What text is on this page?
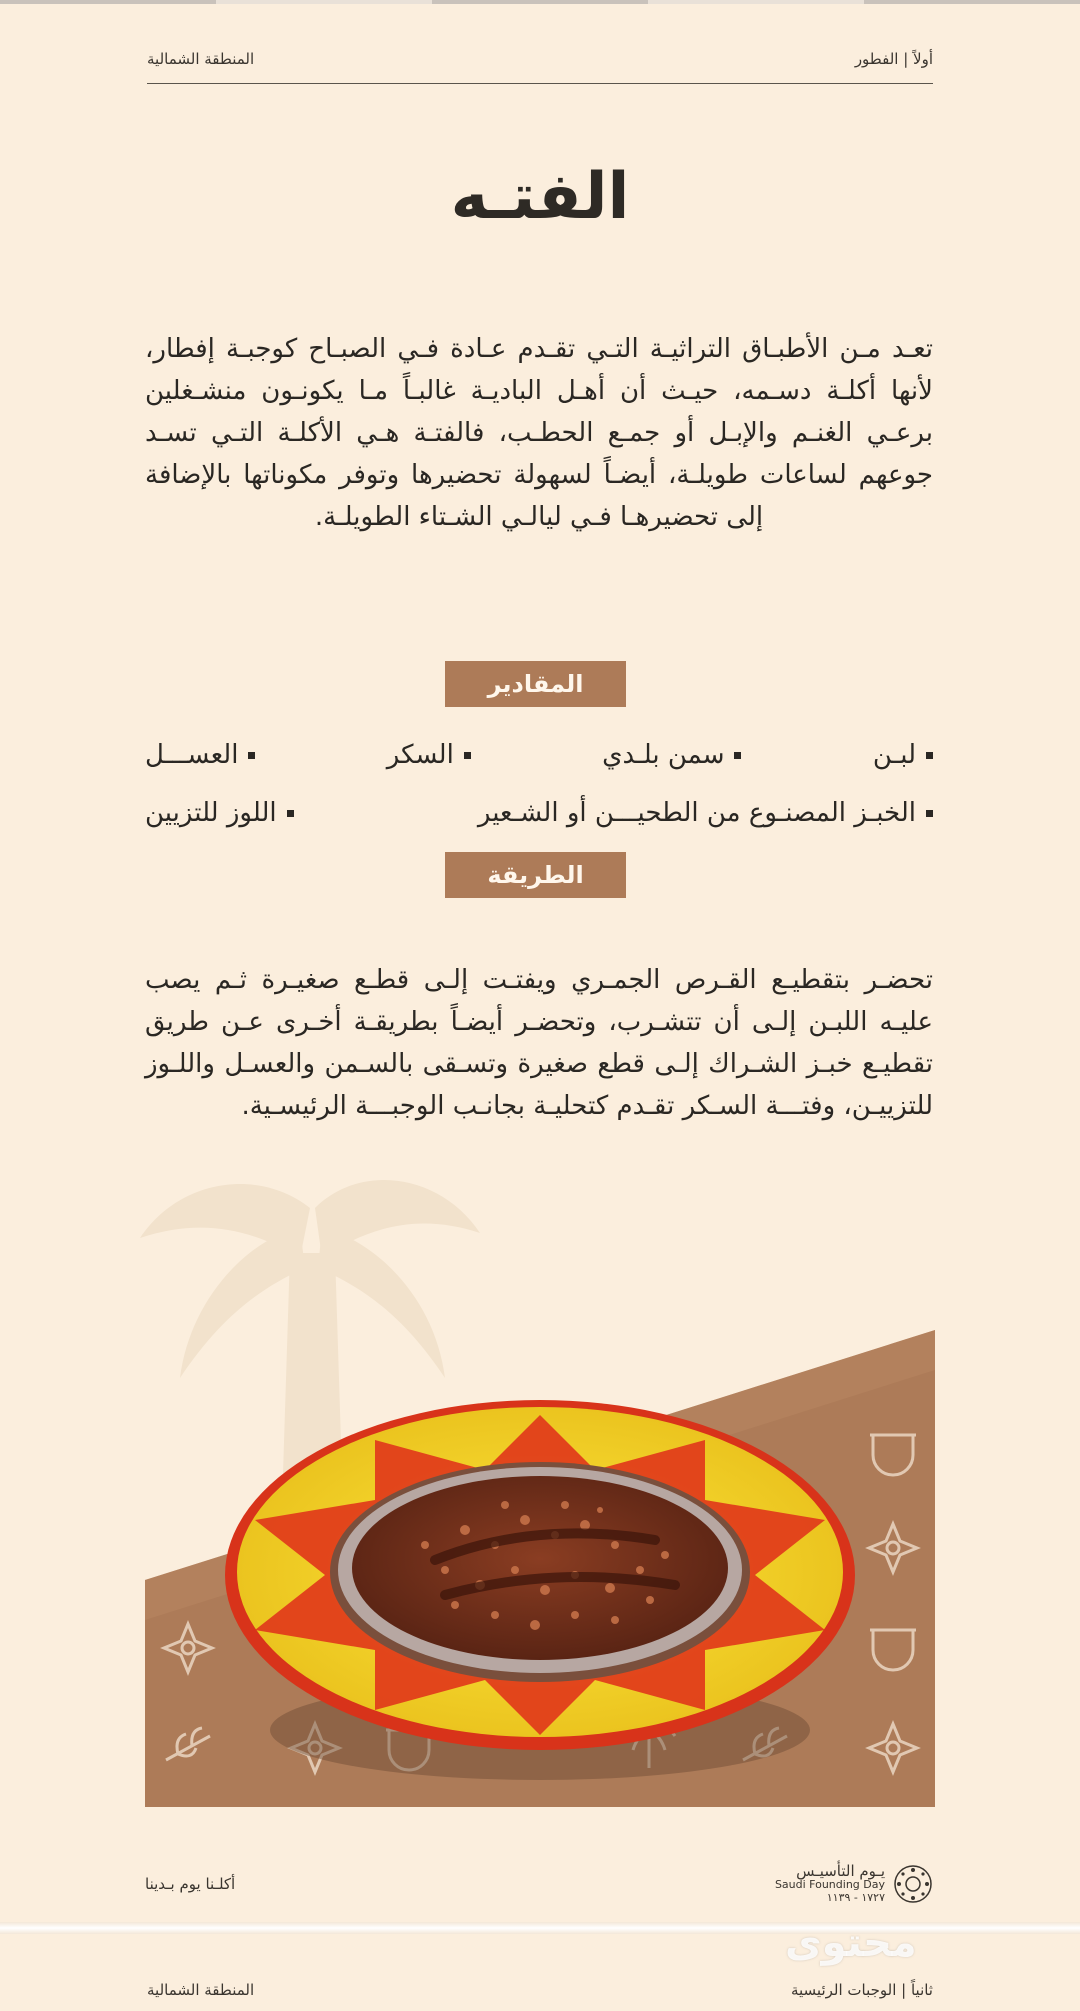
أولاً | الفطور
المنطقة الشمالية
الفتـه

تعـد مـن الأطبـاق التراثيـة التـي تقـدم عـادة فـي الصبـاح كوجبـة إفطار، لأنها أكلـة دسـمه، حيـث أن أهـل الباديـة غالبـاً مـا يكونـون منشـغلين برعـي الغنـم والإبـل أو جمـع الحطـب، فالفتـة هـي الأكلـة التـي تسـد جوعهم لساعات طويلـة، أيضـاً لسهولة تحضيرها وتوفر مكوناتها بالإضافة إلى تحضيرهـا فـي ليالـي الشـتاء الطويلـة.

المقادير
لبـن
سمن بلـدي
السكر
العســـل
الخبـز المصنـوع من الطحيـــن أو الشـعير
اللوز للتزيين
الطريقة

تحضـر بتقطيـع القـرص الجمـري ويفتـت إلـى قطـع صغيـرة ثـم يصب عليـه اللبـن إلـى أن تتشـرب، وتحضـر أيضـاً بطريقـة أخـرى عـن طريق تقطيـع خبـز الشـراك إلـى قطع صغيرة وتسـقى بالسـمن والعسـل واللـوز للتزييـن، وفتـــة السـكر تقـدم كتحليـة بجانـب الوجبـــة الرئيسـية.

يـوم التأسيـس
Saudi Founding Day
١٧٢٧ - ١١٣٩
أكلـنا يوم بـدينا
محتوى
ثانياً | الوجبات الرئيسية
المنطقة الشمالية
